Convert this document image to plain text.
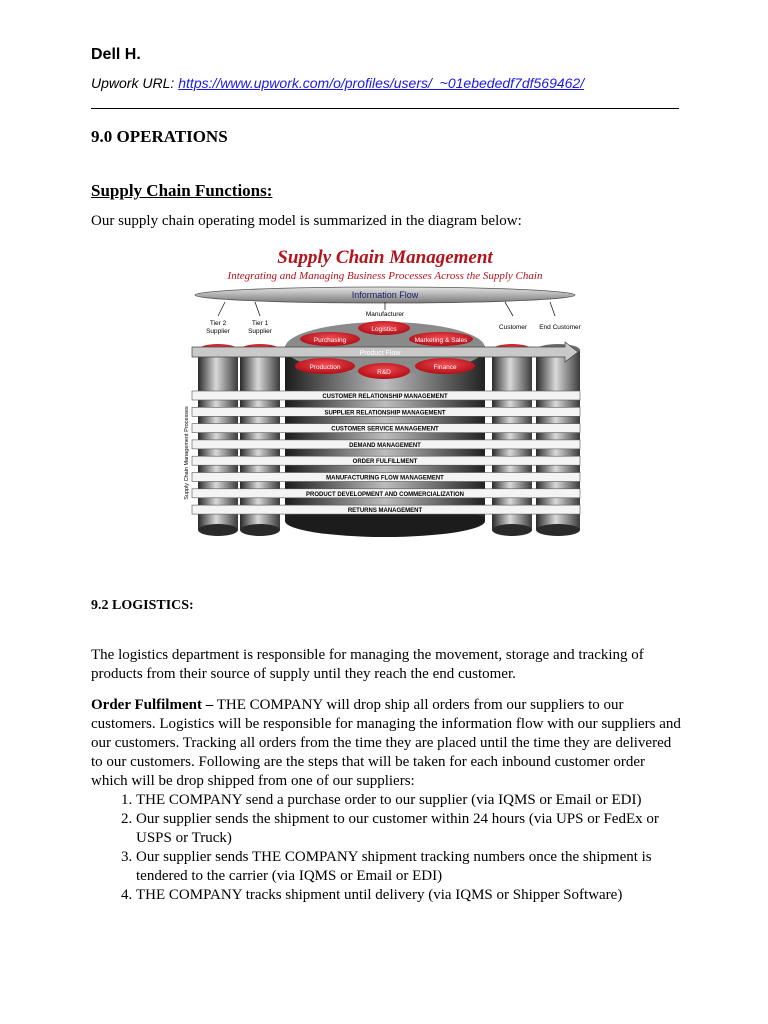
Dell H.

Upwork URL: https://www.upwork.com/o/profiles/users/_~01ebededf7df569462/
9.0 OPERATIONS
Supply Chain Functions:

Our supply chain operating model is summarized in the diagram below:

Supply Chain Management
Integrating and Managing Business Processes Across the Supply Chain
Information Flow
Manufacturer
Tier 2
Supplier
Tier 1
Supplier
Customer End Customer
Logistics
Purchasing	Marketing & Sales
Production
R&D
Finance
Product Flow
CUSTOMER RELATIONSHIP MANAGEMENT
SUPPLIER RELATIONSHIP MANAGEMENT
CUSTOMER SERVICE MANAGEMENT
DEMAND MANAGEMENT
ORDER FULFILLMENT
MANUFACTURING FLOW MANAGEMENT
PRODUCT DEVELOPMENT AND COMMERCIALIZATION
RETURNS MANAGEMENT
Supply Chain Management Processes
9.2 LOGISTICS:

The logistics department is responsible for managing the movement, storage and tracking of products from their source of supply until they reach the end customer.

Order Fulfilment – THE COMPANY will drop ship all orders from our suppliers to our customers. Logistics will be responsible for managing the information flow with our suppliers and our customers. Tracking all orders from the time they are placed until the time they are delivered to our customers. Following are the steps that will be taken for each inbound customer order which will be drop shipped from one of our suppliers:

1. THE COMPANY send a purchase order to our supplier (via IQMS or Email or EDI)
2. Our supplier sends the shipment to our customer within 24 hours (via UPS or FedEx or USPS or Truck)
3. Our supplier sends THE COMPANY shipment tracking numbers once the shipment is tendered to the carrier (via IQMS or Email or EDI)
4. THE COMPANY tracks shipment until delivery (via IQMS or Shipper Software)
